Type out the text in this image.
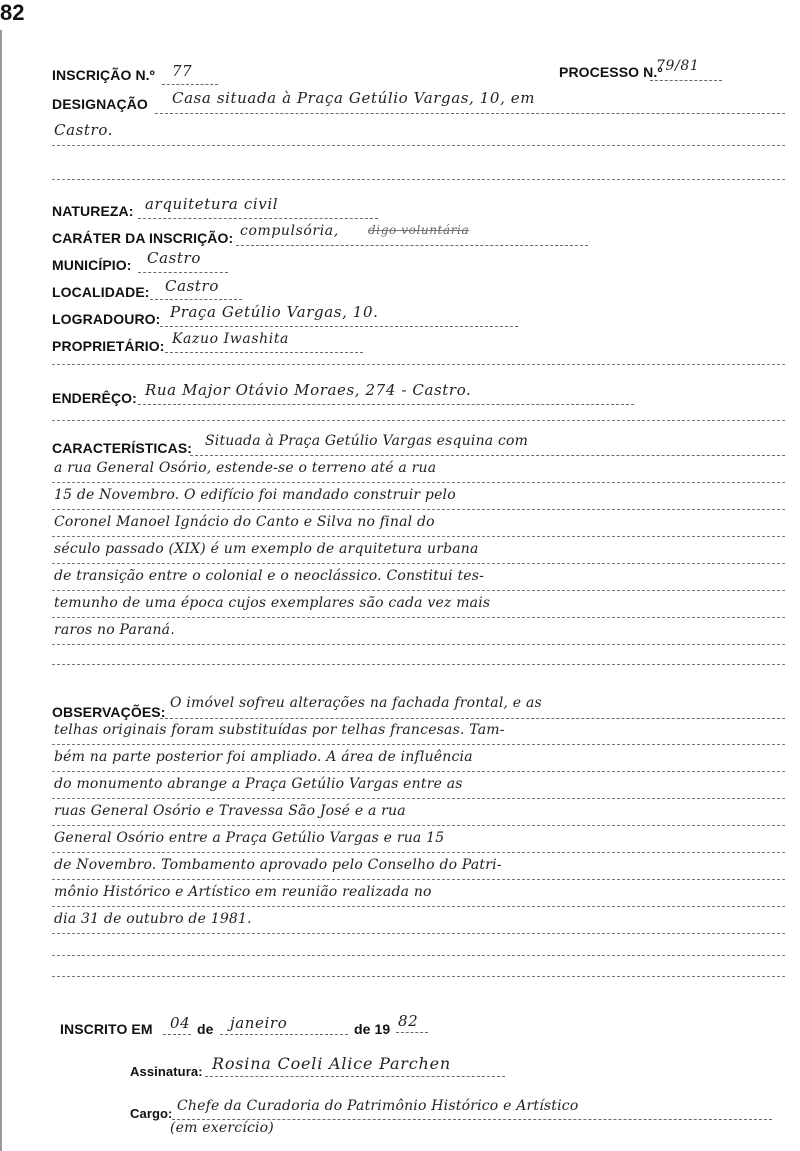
82
INSCRIÇÃO N.º 77	PROCESSO N.º
79/81
DESIGNAÇÃO Casa situada à Praça Getúlio Vargas, 10, em
Castro.
NATUREZA: arquitetura civil
CARÁTER DA INSCRIÇÃO: compulsória, digo voluntária
MUNICÍPIO: Castro
LOCALIDADE: Castro
LOGRADOURO: Praça Getúlio Vargas, 10.
PROPRIETÁRIO: Kazuo Iwashita
ENDERÊÇO: Rua Major Otávio Moraes, 274 - Castro.
CARACTERÍSTICAS: Situada à Praça Getúlio Vargas esquina com
a rua General Osório, estende-se o terreno até a rua
15 de Novembro. O edifício foi mandado construir pelo
Coronel Manoel Ignácio do Canto e Silva no final do
século passado (XIX) é um exemplo de arquitetura urbana
de transição entre o colonial e o neoclássico. Constitui tes-
temunho de uma época cujos exemplares são cada vez mais
raros no Paraná.
OBSERVAÇÕES:
O imóvel sofreu alterações na fachada frontal, e as
telhas originais foram substituídas por telhas francesas. Tam-
bém na parte posterior foi ampliado. A área de influência
do monumento abrange a Praça Getúlio Vargas entre as
ruas General Osório e Travessa São José e a rua
General Osório entre a Praça Getúlio Vargas e rua 15
de Novembro. Tombamento aprovado pelo Conselho do Patri-
mônio Histórico e Artístico em reunião realizada no
dia 31 de outubro de 1981.
INSCRITO EM 04 de janeiro	de 19 82
Assinatura: Rosina Coeli Alice Parchen
Cargo: Chefe da Curadoria do Patrimônio Histórico e Artístico
(em exercício)
